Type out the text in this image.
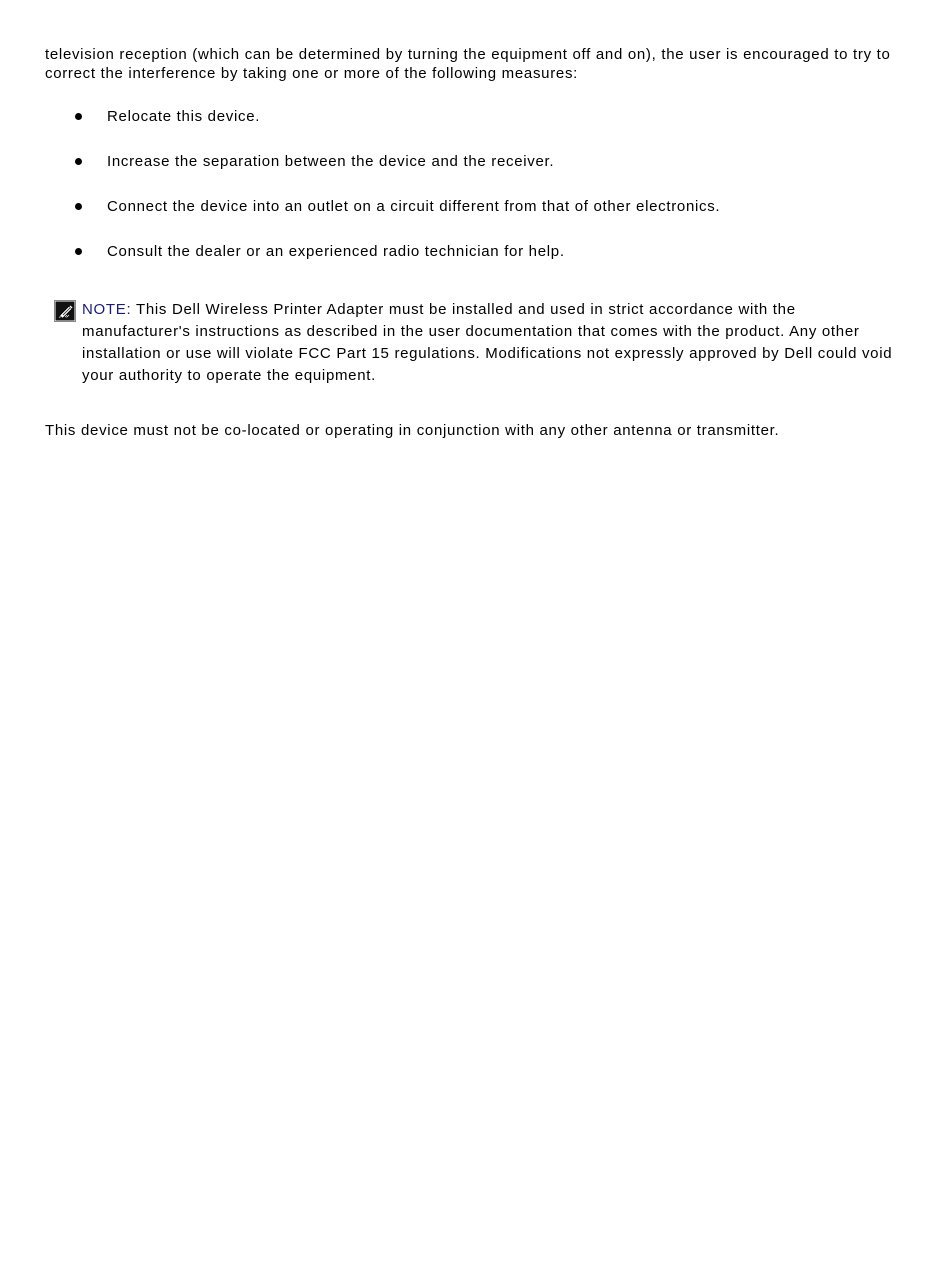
television reception (which can be determined by turning the equipment off and on), the user is encouraged to try to correct the interference by taking one or more of the following measures:

Relocate this device.
Increase the separation between the device and the receiver.
Connect the device into an outlet on a circuit different from that of other electronics.
Consult the dealer or an experienced radio technician for help.

NOTE: This Dell Wireless Printer Adapter must be installed and used in strict accordance with the manufacturer's instructions as described in the user documentation that comes with the product. Any other installation or use will violate FCC Part 15 regulations. Modifications not expressly approved by Dell could void your authority to operate the equipment.

This device must not be co-located or operating in conjunction with any other antenna or transmitter.
